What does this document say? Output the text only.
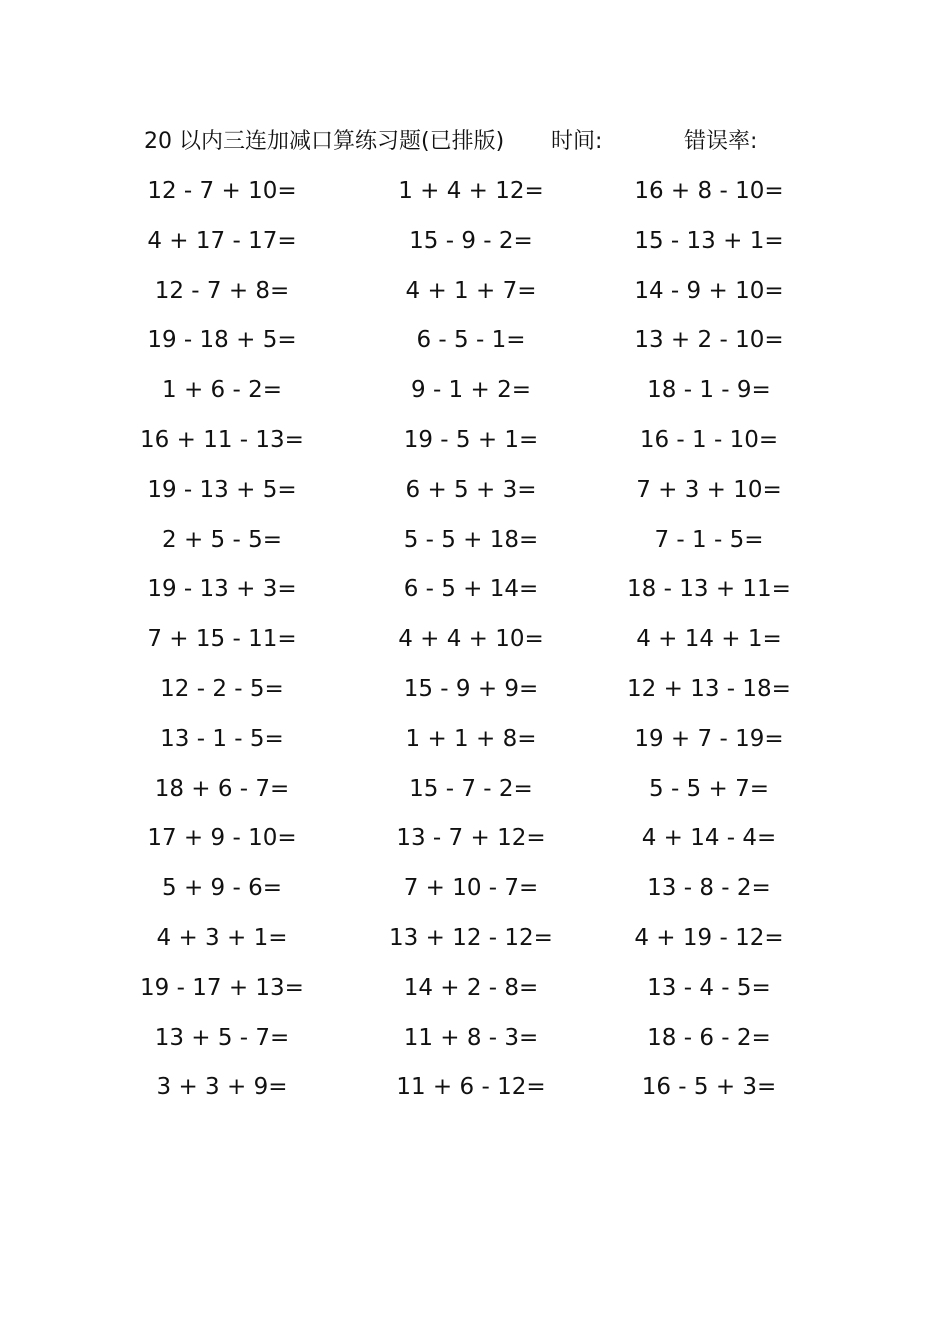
20 以内三连加减口算练习题(已排版) 时间:	错误率:
12 - 7 + 10=	1 + 4 + 12=	16 + 8 - 10=
4 + 17 - 17=	15 - 9 - 2=	15 - 13 + 1=
12 - 7 + 8=	4 + 1 + 7=	14 - 9 + 10=
19 - 18 + 5=	6 - 5 - 1=	13 + 2 - 10=
1 + 6 - 2=	9 - 1 + 2=	18 - 1 - 9=
16 + 11 - 13=	19 - 5 + 1=	16 - 1 - 10=
19 - 13 + 5=	6 + 5 + 3=	7 + 3 + 10=
2 + 5 - 5=	5 - 5 + 18=	7 - 1 - 5=
19 - 13 + 3=	6 - 5 + 14=	18 - 13 + 11=
7 + 15 - 11=	4 + 4 + 10=	4 + 14 + 1=
12 - 2 - 5=	15 - 9 + 9=	12 + 13 - 18=
13 - 1 - 5=	1 + 1 + 8=	19 + 7 - 19=
18 + 6 - 7=	15 - 7 - 2=	5 - 5 + 7=
17 + 9 - 10=	13 - 7 + 12=	4 + 14 - 4=
5 + 9 - 6=	7 + 10 - 7=	13 - 8 - 2=
4 + 3 + 1=	13 + 12 - 12=	4 + 19 - 12=
19 - 17 + 13=	14 + 2 - 8=	13 - 4 - 5=
13 + 5 - 7=	11 + 8 - 3=	18 - 6 - 2=
3 + 3 + 9=	11 + 6 - 12=	16 - 5 + 3=
